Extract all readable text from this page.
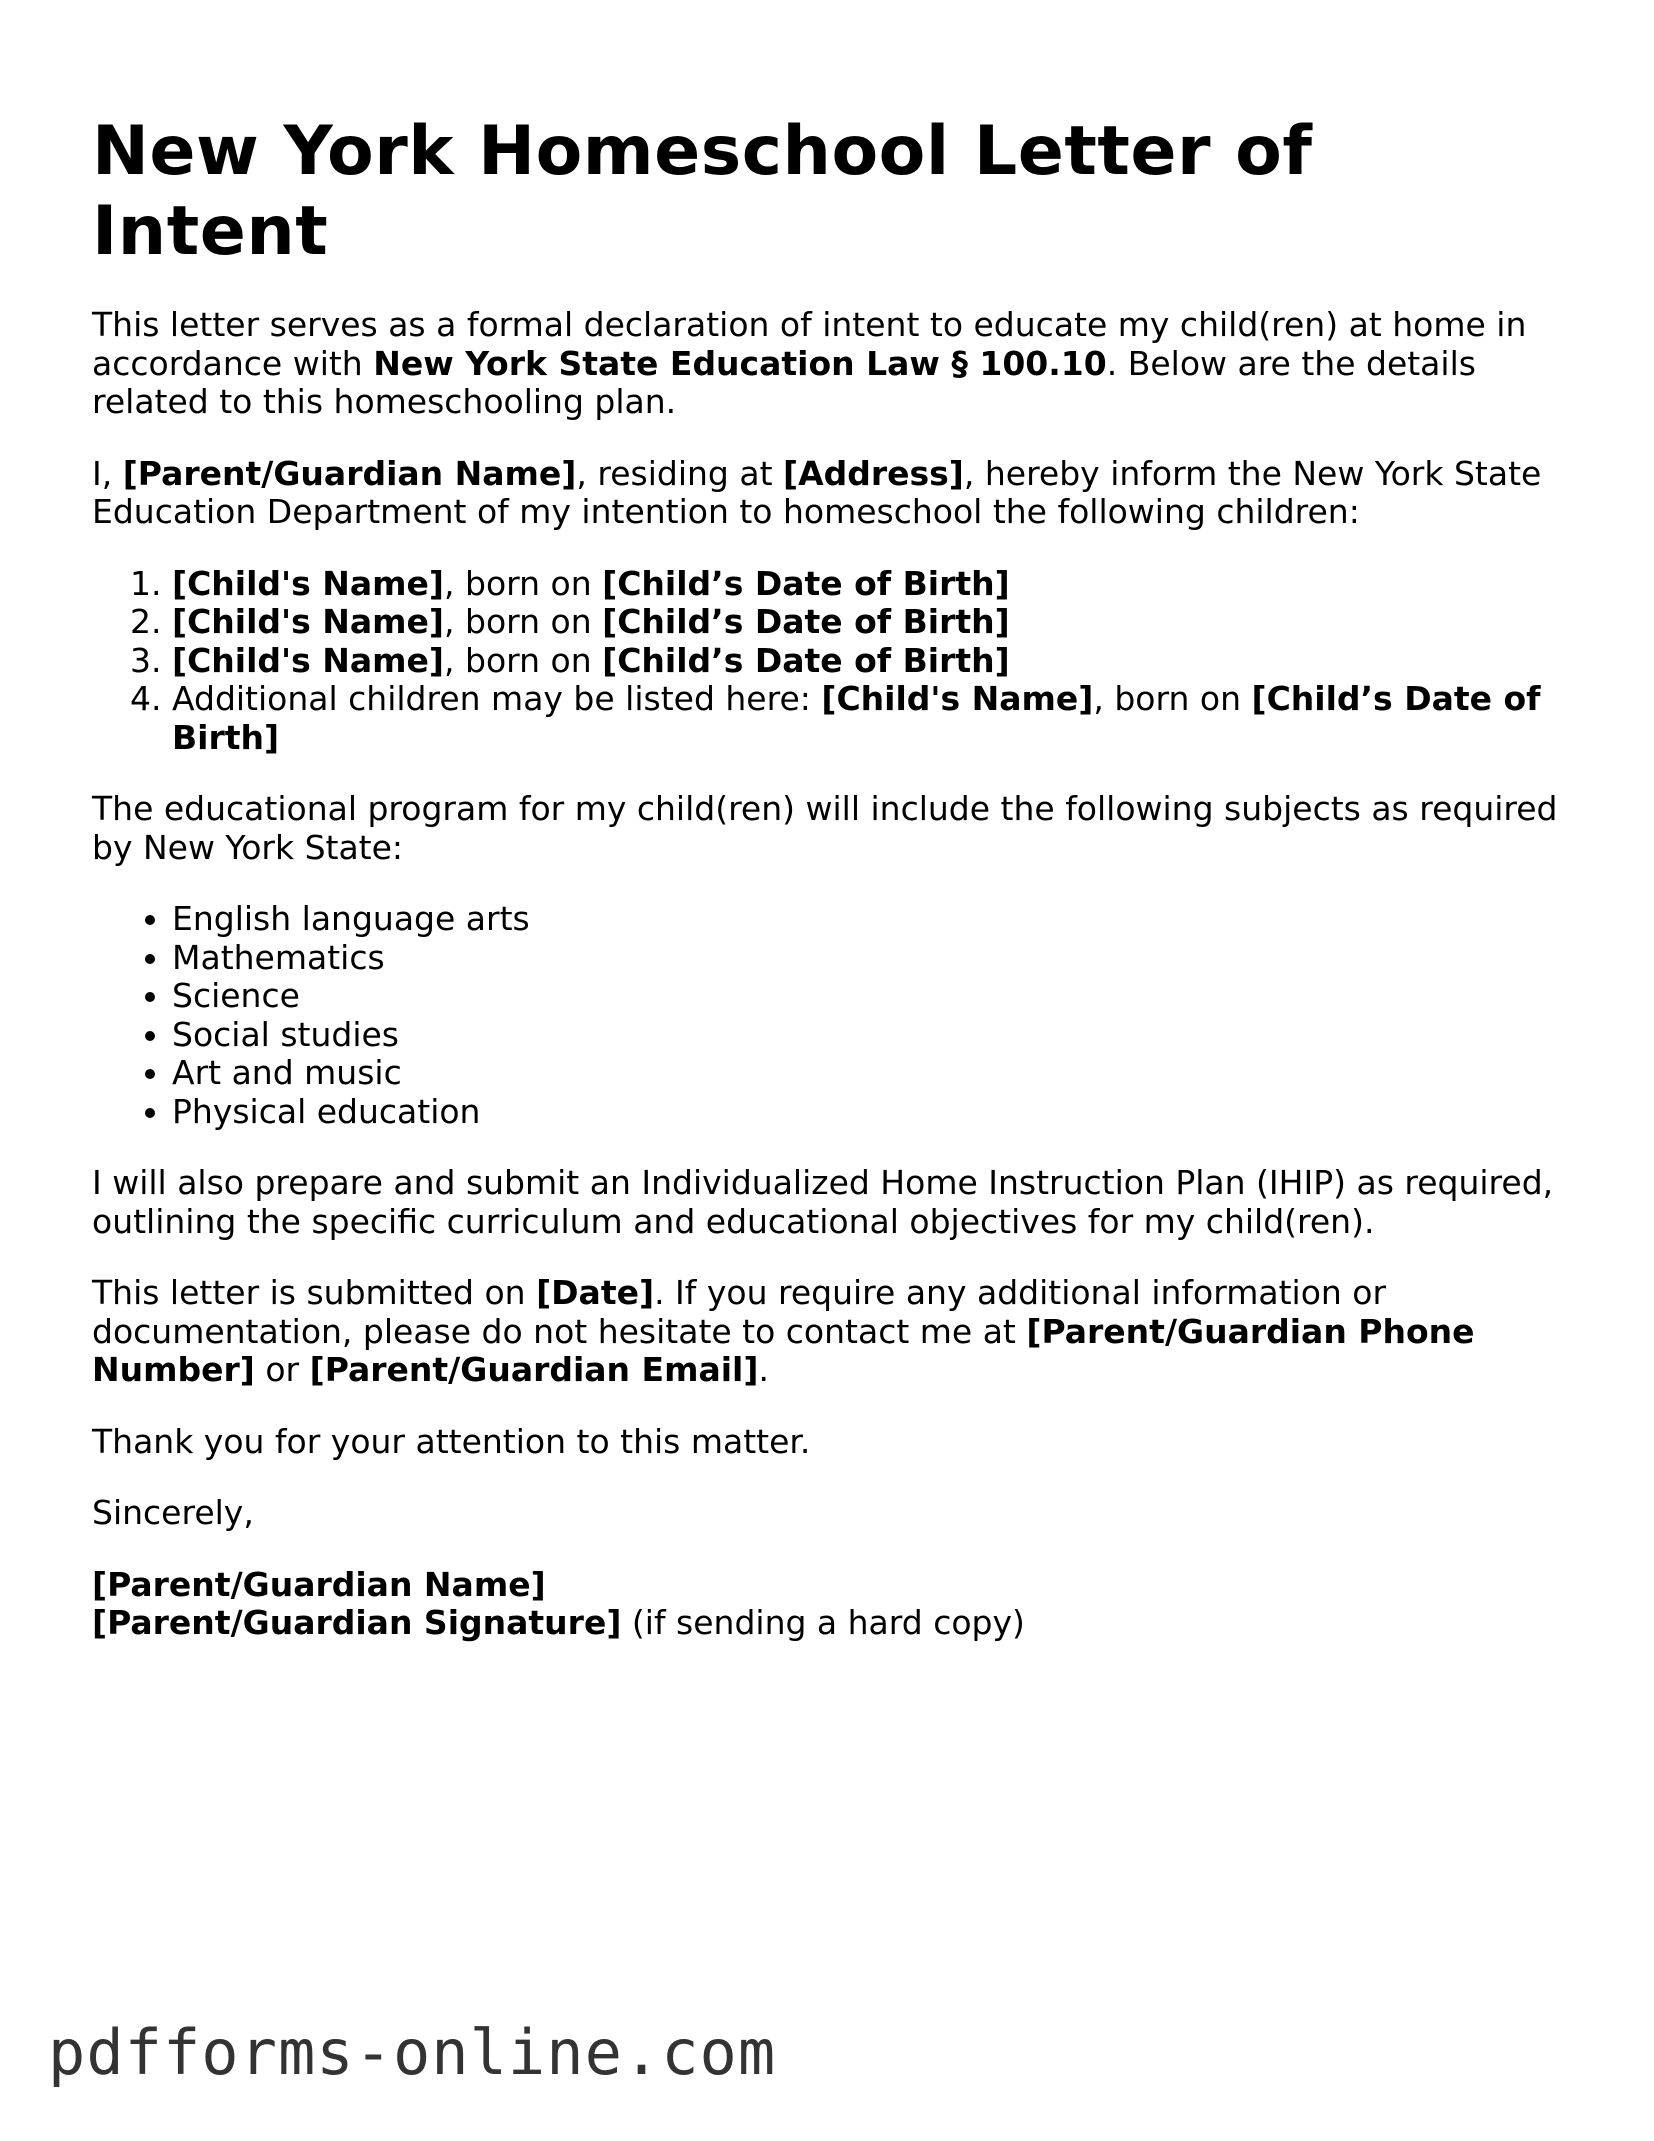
New York Homeschool Letter of Intent

This letter serves as a formal declaration of intent to educate my child(ren) at home in accordance with New York State Education Law § 100.10. Below are the details related to this homeschooling plan.

I, [Parent/Guardian Name], residing at [Address], hereby inform the New York State Education Department of my intention to homeschool the following children:

1. [Child's Name], born on [Child’s Date of Birth]
2. [Child's Name], born on [Child’s Date of Birth]
3. [Child's Name], born on [Child’s Date of Birth]
4. Additional children may be listed here: [Child's Name], born on [Child’s Date of Birth]

The educational program for my child(ren) will include the following subjects as required by New York State:

• English language arts
• Mathematics
• Science
• Social studies
• Art and music
• Physical education

I will also prepare and submit an Individualized Home Instruction Plan (IHIP) as required, outlining the specific curriculum and educational objectives for my child(ren).

This letter is submitted on [Date]. If you require any additional information or documentation, please do not hesitate to contact me at [Parent/Guardian Phone Number] or [Parent/Guardian Email].

Thank you for your attention to this matter.

Sincerely,

[Parent/Guardian Name]

[Parent/Guardian Signature] (if sending a hard copy)

pdfforms-online.com
